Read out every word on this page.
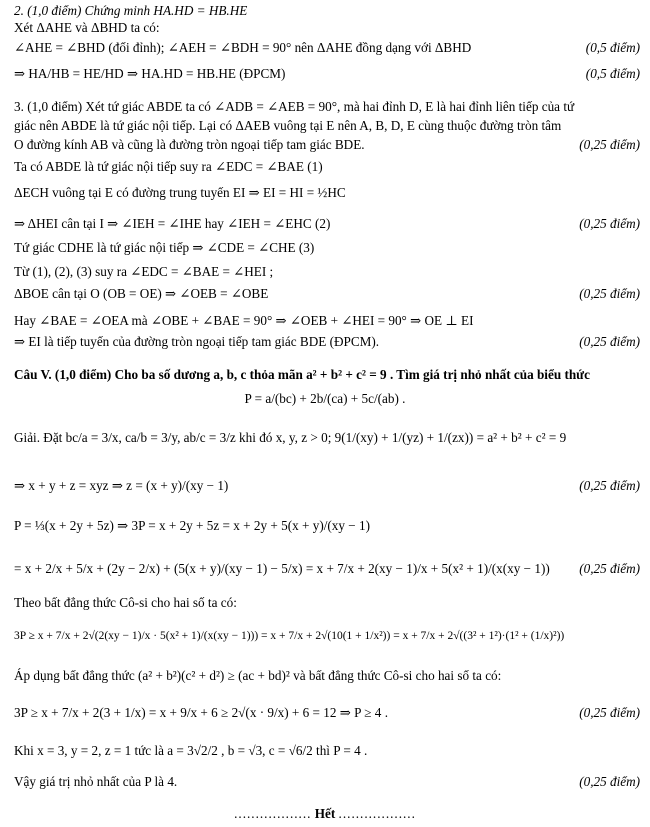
2. (1,0 điểm) Chứng minh HA.HD = HB.HE
Xét ΔAHE và ΔBHD ta có:
∠AHE = ∠BHD (đối đỉnh); ∠AEH = ∠BDH = 90° nên ΔAHE đồng dạng với ΔBHD	(0,5 điểm)
⇒ HA/HB = HE/HD ⇒ HA.HD = HB.HE (ĐPCM)	(0,5 điểm)
3. (1,0 điểm) Xét tứ giác ABDE ta có ∠ADB = ∠AEB = 90°, mà hai đỉnh D, E là hai đỉnh liên tiếp của tứ
giác nên ABDE là tứ giác nội tiếp. Lại có ΔAEB vuông tại E nên A, B, D, E cùng thuộc đường tròn tâm
O đường kính AB và cũng là đường tròn ngoại tiếp tam giác BDE.	(0,25 điểm)
Ta có ABDE là tứ giác nội tiếp suy ra ∠EDC = ∠BAE (1)
ΔECH vuông tại E có đường trung tuyến EI ⇒ EI = HI = ½HC
⇒ ΔHEI cân tại I ⇒ ∠IEH = ∠IHE hay ∠IEH = ∠EHC (2)	(0,25 điểm)
Tứ giác CDHE là tứ giác nội tiếp ⇒ ∠CDE = ∠CHE (3)
Từ (1), (2), (3) suy ra ∠EDC = ∠BAE = ∠HEI ;
ΔBOE cân tại O (OB = OE) ⇒ ∠OEB = ∠OBE	(0,25 điểm)
Hay ∠BAE = ∠OEA mà ∠OBE + ∠BAE = 90° ⇒ ∠OEB + ∠HEI = 90° ⇒ OE ⊥ EI
⇒ EI là tiếp tuyến của đường tròn ngoại tiếp tam giác BDE (ĐPCM).	(0,25 điểm)
Câu V. (1,0 điểm) Cho ba số dương a, b, c thỏa mãn a² + b² + c² = 9 . Tìm giá trị nhỏ nhất của biểu thức
P = a/(bc) + 2b/(ca) + 5c/(ab) .
Giải. Đặt bc/a = 3/x, ca/b = 3/y, ab/c = 3/z khi đó x, y, z > 0; 9(1/(xy) + 1/(yz) + 1/(zx)) = a² + b² + c² = 9
⇒ x + y + z = xyz ⇒ z = (x + y)/(xy − 1)	(0,25 điểm)
P = ⅓(x + 2y + 5z) ⇒ 3P = x + 2y + 5z = x + 2y + 5(x + y)/(xy − 1)
= x + 2/x + 5/x + (2y − 2/x) + (5(x + y)/(xy − 1) − 5/x) = x + 7/x + 2(xy − 1)/x + 5(x² + 1)/(x(xy − 1))	(0,25 điểm)
Theo bất đẳng thức Cô-si cho hai số ta có:
3P ≥ x + 7/x + 2√(2(xy − 1)/x · 5(x² + 1)/(x(xy − 1))) = x + 7/x + 2√(10(1 + 1/x²)) = x + 7/x + 2√((3² + 1²)·(1² + (1/x)²))
Áp dụng bất đẳng thức (a² + b²)(c² + d²) ≥ (ac + bd)² và bất đẳng thức Cô-si cho hai số ta có:
3P ≥ x + 7/x + 2(3 + 1/x) = x + 9/x + 6 ≥ 2√(x · 9/x) + 6 = 12 ⇒ P ≥ 4 .	(0,25 điểm)
Khi x = 3, y = 2, z = 1 tức là a = 3√2/2 , b = √3, c = √6/2 thì P = 4 .
Vậy giá trị nhỏ nhất của P là 4.	(0,25 điểm)
.................. Hết ..................
